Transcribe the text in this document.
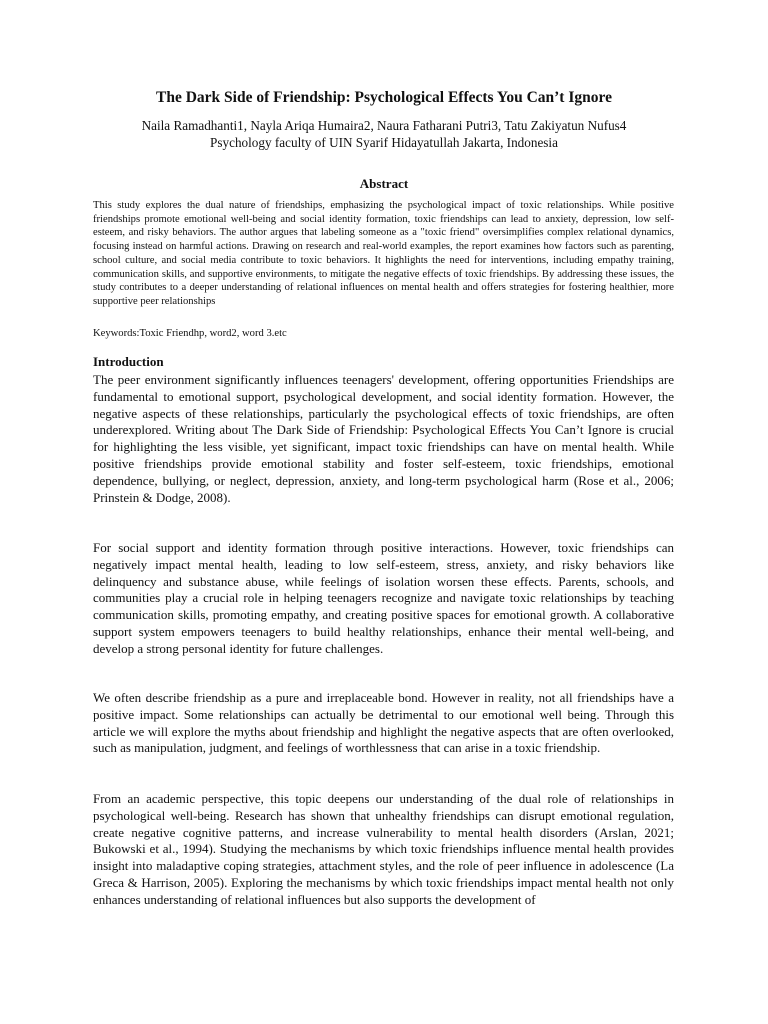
The Dark Side of Friendship: Psychological Effects You Can’t Ignore

Naila Ramadhanti1, Nayla Ariqa Humaira2, Naura Fatharani Putri3, Tatu Zakiyatun Nufus4

Psychology faculty of UIN Syarif Hidayatullah Jakarta, Indonesia

Abstract

This study explores the dual nature of friendships, emphasizing the psychological impact of toxic relationships. While positive friendships promote emotional well-being and social identity formation, toxic friendships can lead to anxiety, depression, low self-esteem, and risky behaviors. The author argues that labeling someone as a "toxic friend" oversimplifies complex relational dynamics, focusing instead on harmful actions. Drawing on research and real-world examples, the report examines how factors such as parenting, school culture, and social media contribute to toxic behaviors. It highlights the need for interventions, including empathy training, communication skills, and supportive environments, to mitigate the negative effects of toxic friendships. By addressing these issues, the study contributes to a deeper understanding of relational influences on mental health and offers strategies for fostering healthier, more supportive peer relationships

Keywords:Toxic Friendhp, word2, word 3.etc

Introduction

The peer environment significantly influences teenagers' development, offering opportunities Friendships are fundamental to emotional support, psychological development, and social identity formation. However, the negative aspects of these relationships, particularly the psychological effects of toxic friendships, are often underexplored. Writing about The Dark Side of Friendship: Psychological Effects You Can’t Ignore is crucial for highlighting the less visible, yet significant, impact toxic friendships can have on mental health. While positive friendships provide emotional stability and foster self-esteem, toxic friendships, emotional dependence, bullying, or neglect, depression, anxiety, and long-term psychological harm (Rose et al., 2006; Prinstein & Dodge, 2008).

For social support and identity formation through positive interactions. However, toxic friendships can negatively impact mental health, leading to low self-esteem, stress, anxiety, and risky behaviors like delinquency and substance abuse, while feelings of isolation worsen these effects. Parents, schools, and communities play a crucial role in helping teenagers recognize and navigate toxic relationships by teaching communication skills, promoting empathy, and creating positive spaces for emotional growth. A collaborative support system empowers teenagers to build healthy relationships, enhance their mental well-being, and develop a strong personal identity for future challenges.

We often describe friendship as a pure and irreplaceable bond. However in reality, not all friendships have a positive impact. Some relationships can actually be detrimental to our emotional well being. Through this article we will explore the myths about friendship and highlight the negative aspects that are often overlooked, such as manipulation, judgment, and feelings of worthlessness that can arise in a toxic friendship.

From an academic perspective, this topic deepens our understanding of the dual role of relationships in psychological well-being. Research has shown that unhealthy friendships can disrupt emotional regulation, create negative cognitive patterns, and increase vulnerability to mental health disorders (Arslan, 2021; Bukowski et al., 1994). Studying the mechanisms by which toxic friendships influence mental health provides insight into maladaptive coping strategies, attachment styles, and the role of peer influence in adolescence (La Greca & Harrison, 2005). Exploring the mechanisms by which toxic friendships impact mental health not only enhances understanding of relational influences but also supports the development of
